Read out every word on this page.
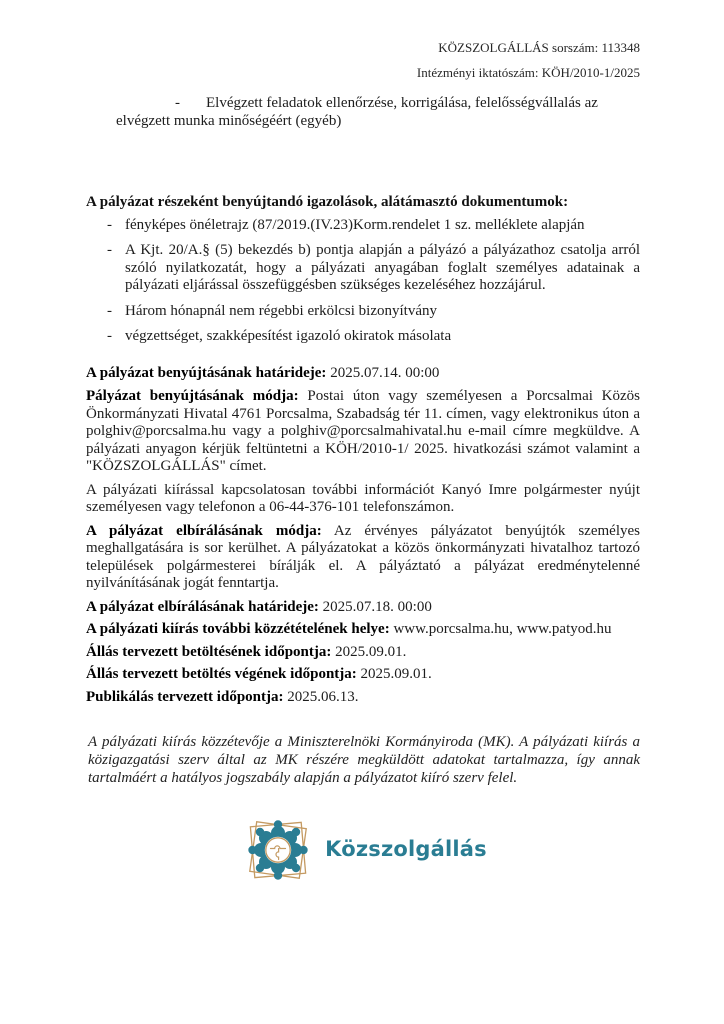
KÖZSZOLGÁLLÁS sorszám: 113348
Intézményi iktatószám: KÖH/2010-1/2025

- Elvégzett feladatok ellenőrzése, korrigálása, felelősségvállalás az elvégzett munka minőségéért (egyéb)

A pályázat részeként benyújtandó igazolások, alátámasztó dokumentumok:
- fényképes önéletrajz (87/2019.(IV.23)Korm.rendelet 1 sz. melléklete alapján
- A Kjt. 20/A.§ (5) bekezdés b) pontja alapján a pályázó a pályázathoz csatolja arról szóló nyilatkozatát, hogy a pályázati anyagában foglalt személyes adatainak a pályázati eljárással összefüggésben szükséges kezeléséhez hozzájárul.
- Három hónapnál nem régebbi erkölcsi bizonyítvány
- végzettséget, szakképesítést igazoló okiratok másolata

A pályázat benyújtásának határideje: 2025.07.14. 00:00

Pályázat benyújtásának módja: Postai úton vagy személyesen a Porcsalmai Közös Önkormányzati Hivatal 4761 Porcsalma, Szabadság tér 11. címen, vagy elektronikus úton a polghiv@porcsalma.hu vagy a polghiv@porcsalmahivatal.hu e-mail címre megküldve. A pályázati anyagon kérjük feltüntetni a KÖH/2010-1/ 2025. hivatkozási számot valamint a "KÖZSZOLGÁLLÁS" címet.

A pályázati kiírással kapcsolatosan további információt Kanyó Imre polgármester nyújt személyesen vagy telefonon a 06-44-376-101 telefonszámon.

A pályázat elbírálásának módja: Az érvényes pályázatot benyújtók személyes meghallgatására is sor kerülhet. A pályázatokat a közös önkormányzati hivatalhoz tartozó települések polgármesterei bírálják el. A pályáztató a pályázat eredménytelenné nyilvánításának jogát fenntartja.

A pályázat elbírálásának határideje: 2025.07.18. 00:00

A pályázati kiírás további közzétételének helye: www.porcsalma.hu, www.patyod.hu

Állás tervezett betöltésének időpontja: 2025.09.01.

Állás tervezett betöltés végének időpontja: 2025.09.01.

Publikálás tervezett időpontja: 2025.06.13.

A pályázati kiírás közzétevője a Miniszterelnöki Kormányiroda (MK). A pályázati kiírás a közigazgatási szerv által az MK részére megküldött adatokat tartalmazza, így annak tartalmáért a hatályos jogszabály alapján a pályázatot kiíró szerv felel.

Közszolgállás
